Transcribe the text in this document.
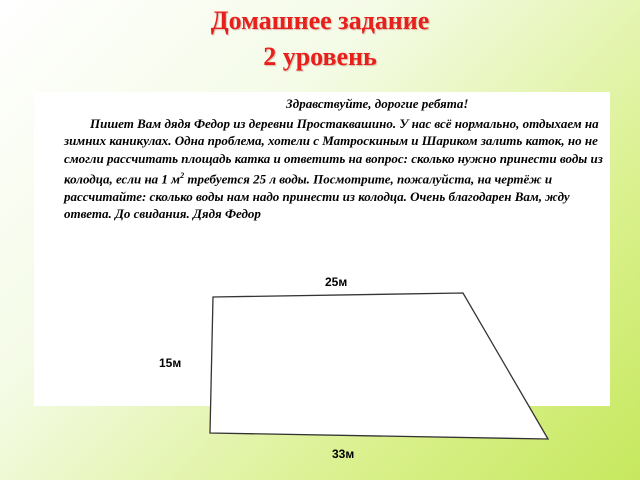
Домашнее задание
2 уровень
Здравствуйте, дорогие ребята!

Пишет Вам дядя Федор из деревни Простаквашино. У нас всё нормально, отдыхаем на зимних каникулах. Одна проблема, хотели с Матроскиным и Шариком залить каток, но не смогли рассчитать площадь катка и ответить на вопрос: сколько нужно принести воды из колодца, если на 1 $м^2$ требуется 25 л воды. Посмотрите, пожалуйста, на чертёж и рассчитайте: сколько воды нам надо принести из колодца. Очень благодарен Вам, жду ответа. До свидания. Дядя Федор

25м
15м
33м
